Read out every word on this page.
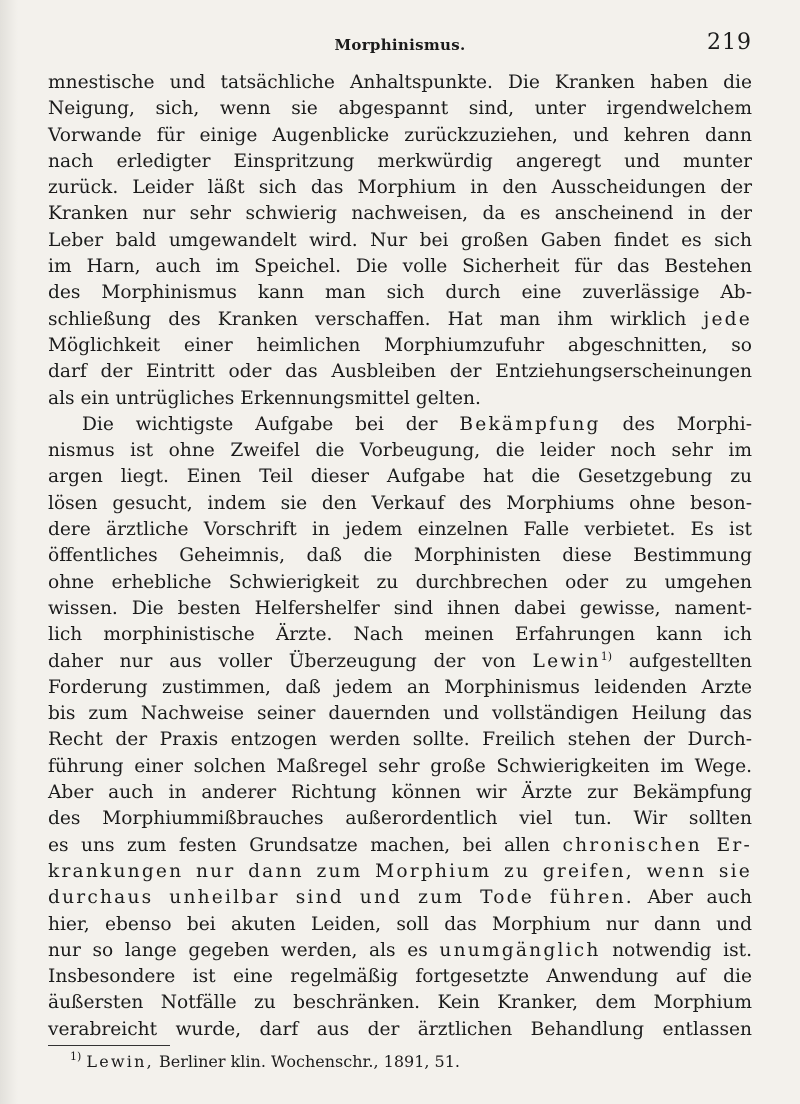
Morphinismus.	219
mnestische und tatsächliche Anhaltspunkte. Die Kranken haben die
Neigung, sich, wenn sie abgespannt sind, unter irgendwelchem
Vorwande für einige Augenblicke zurückzuziehen, und kehren dann
nach erledigter Einspritzung merkwürdig angeregt und munter
zurück. Leider läßt sich das Morphium in den Ausscheidungen der
Kranken nur sehr schwierig nachweisen, da es anscheinend in der
Leber bald umgewandelt wird. Nur bei großen Gaben findet es sich
im Harn, auch im Speichel. Die volle Sicherheit für das Bestehen
des Morphinismus kann man sich durch eine zuverlässige Ab-
schließung des Kranken verschaffen. Hat man ihm wirklich jede
Möglichkeit einer heimlichen Morphiumzufuhr abgeschnitten, so
darf der Eintritt oder das Ausbleiben der Entziehungserscheinungen
als ein untrügliches Erkennungsmittel gelten.
Die wichtigste Aufgabe bei der Bekämpfung des Morphi-
nismus ist ohne Zweifel die Vorbeugung, die leider noch sehr im
argen liegt. Einen Teil dieser Aufgabe hat die Gesetzgebung zu
lösen gesucht, indem sie den Verkauf des Morphiums ohne beson-
dere ärztliche Vorschrift in jedem einzelnen Falle verbietet. Es ist
öffentliches Geheimnis, daß die Morphinisten diese Bestimmung
ohne erhebliche Schwierigkeit zu durchbrechen oder zu umgehen
wissen. Die besten Helfershelfer sind ihnen dabei gewisse, nament-
lich morphinistische Ärzte. Nach meinen Erfahrungen kann ich
daher nur aus voller Überzeugung der von Lewin$^{1)}$ aufgestellten
Forderung zustimmen, daß jedem an Morphinismus leidenden Arzte
bis zum Nachweise seiner dauernden und vollständigen Heilung das
Recht der Praxis entzogen werden sollte. Freilich stehen der Durch-
führung einer solchen Maßregel sehr große Schwierigkeiten im Wege.
Aber auch in anderer Richtung können wir Ärzte zur Bekämpfung
des Morphiummißbrauches außerordentlich viel tun. Wir sollten
es uns zum festen Grundsatze machen, bei allen chronischen Er-
krankungen nur dann zum Morphium zu greifen, wenn sie
durchaus unheilbar sind und zum Tode führen. Aber auch
hier, ebenso bei akuten Leiden, soll das Morphium nur dann und
nur so lange gegeben werden, als es unumgänglich notwendig ist.
Insbesondere ist eine regelmäßig fortgesetzte Anwendung auf die
äußersten Notfälle zu beschränken. Kein Kranker, dem Morphium
verabreicht wurde, darf aus der ärztlichen Behandlung entlassen
$^{1)}$ Lewin, Berliner klin. Wochenschr., 1891, 51.
